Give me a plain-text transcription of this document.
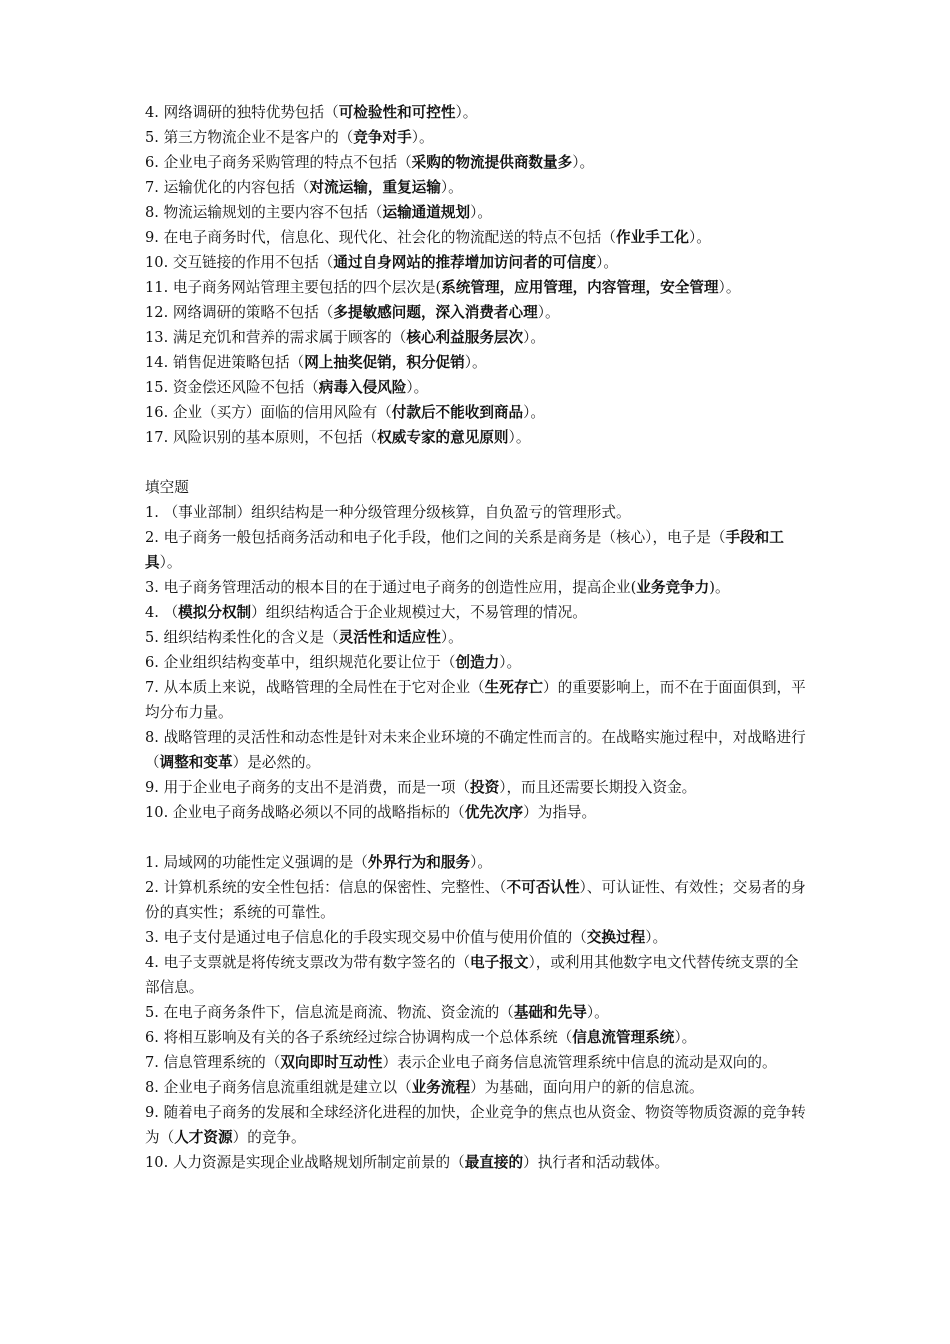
4. 网络调研的独特优势包括（可检验性和可控性）。
5. 第三方物流企业不是客户的（竞争对手）。
6. 企业电子商务采购管理的特点不包括（采购的物流提供商数量多）。
7. 运输优化的内容包括（对流运输，重复运输）。
8. 物流运输规划的主要内容不包括（运输通道规划）。
9. 在电子商务时代，信息化、现代化、社会化的物流配送的特点不包括（作业手工化）。
10. 交互链接的作用不包括（通过自身网站的推荐增加访问者的可信度）。
11. 电子商务网站管理主要包括的四个层次是(系统管理，应用管理，内容管理，安全管理）。
12. 网络调研的策略不包括（多提敏感问题，深入消费者心理）。
13. 满足充饥和营养的需求属于顾客的（核心利益服务层次）。
14. 销售促进策略包括（网上抽奖促销，积分促销）。
15. 资金偿还风险不包括（病毒入侵风险）。
16. 企业（买方）面临的信用风险有（付款后不能收到商品）。
17. 风险识别的基本原则，不包括（权威专家的意见原则）。
填空题
1. （事业部制）组织结构是一种分级管理分级核算，自负盈亏的管理形式。
2. 电子商务一般包括商务活动和电子化手段，他们之间的关系是商务是（核心），电子是（手段和工具）。
3. 电子商务管理活动的根本目的在于通过电子商务的创造性应用，提高企业(业务竞争力)。
4. （模拟分权制）组织结构适合于企业规模过大，不易管理的情况。
5. 组织结构柔性化的含义是（灵活性和适应性）。
6. 企业组织结构变革中，组织规范化要让位于（创造力）。
7. 从本质上来说，战略管理的全局性在于它对企业（生死存亡）的重要影响上，而不在于面面俱到，平均分布力量。
8. 战略管理的灵活性和动态性是针对未来企业环境的不确定性而言的。在战略实施过程中，对战略进行（调整和变革）是必然的。
9. 用于企业电子商务的支出不是消费，而是一项（投资），而且还需要长期投入资金。
10. 企业电子商务战略必须以不同的战略指标的（优先次序）为指导。
1. 局域网的功能性定义强调的是（外界行为和服务）。
2. 计算机系统的安全性包括：信息的保密性、完整性、（不可否认性）、可认证性、有效性；交易者的身份的真实性；系统的可靠性。
3. 电子支付是通过电子信息化的手段实现交易中价值与使用价值的（交换过程）。
4. 电子支票就是将传统支票改为带有数字签名的（电子报文），或利用其他数字电文代替传统支票的全部信息。
5. 在电子商务条件下，信息流是商流、物流、资金流的（基础和先导）。
6. 将相互影响及有关的各子系统经过综合协调构成一个总体系统（信息流管理系统）。
7. 信息管理系统的（双向即时互动性）表示企业电子商务信息流管理系统中信息的流动是双向的。
8. 企业电子商务信息流重组就是建立以（业务流程）为基础，面向用户的新的信息流。
9. 随着电子商务的发展和全球经济化进程的加快，企业竞争的焦点也从资金、物资等物质资源的竞争转为（人才资源）的竞争。
10. 人力资源是实现企业战略规划所制定前景的（最直接的）执行者和活动载体。
